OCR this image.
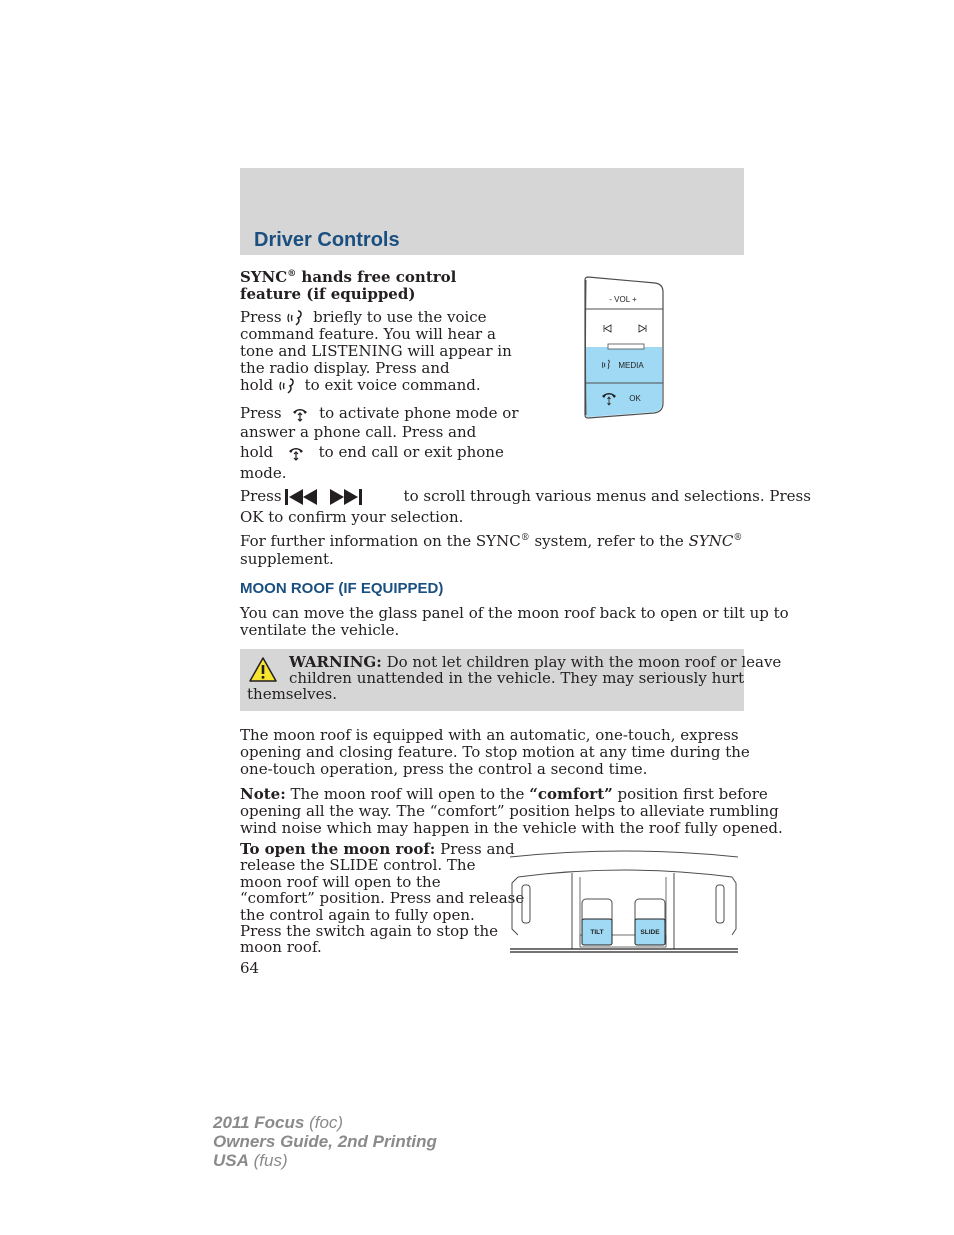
Driver Controls
SYNC® hands free control
feature (if equipped)
Press briefly to use the voice
command feature. You will hear a
tone and LISTENING will appear in
the radio display. Press and
hold to exit voice command.
Press	to activate phone mode or
answer a phone call. Press and
hold	to end call or exit phone
mode.
- VOL +
MEDIA
OK
Press	to scroll through various menus and selections. Press
OK to confirm your selection.
For further information on the SYNC® system, refer to the SYNC®
supplement.
MOON ROOF (IF EQUIPPED)
You can move the glass panel of the moon roof back to open or tilt up to
ventilate the vehicle.
WARNING: Do not let children play with the moon roof or leave
children unattended in the vehicle. They may seriously hurt
themselves.
The moon roof is equipped with an automatic, one-touch, express
opening and closing feature. To stop motion at any time during the
one-touch operation, press the control a second time.
Note: The moon roof will open to the “comfort” position first before
opening all the way. The “comfort” position helps to alleviate rumbling
wind noise which may happen in the vehicle with the roof fully opened.
To open the moon roof: Press and
release the SLIDE control. The
moon roof will open to the
“comfort” position. Press and release
the control again to fully open.
Press the switch again to stop the
moon roof.
TILT	SLIDE
64
2011 Focus (foc)
Owners Guide, 2nd Printing
USA (fus)
